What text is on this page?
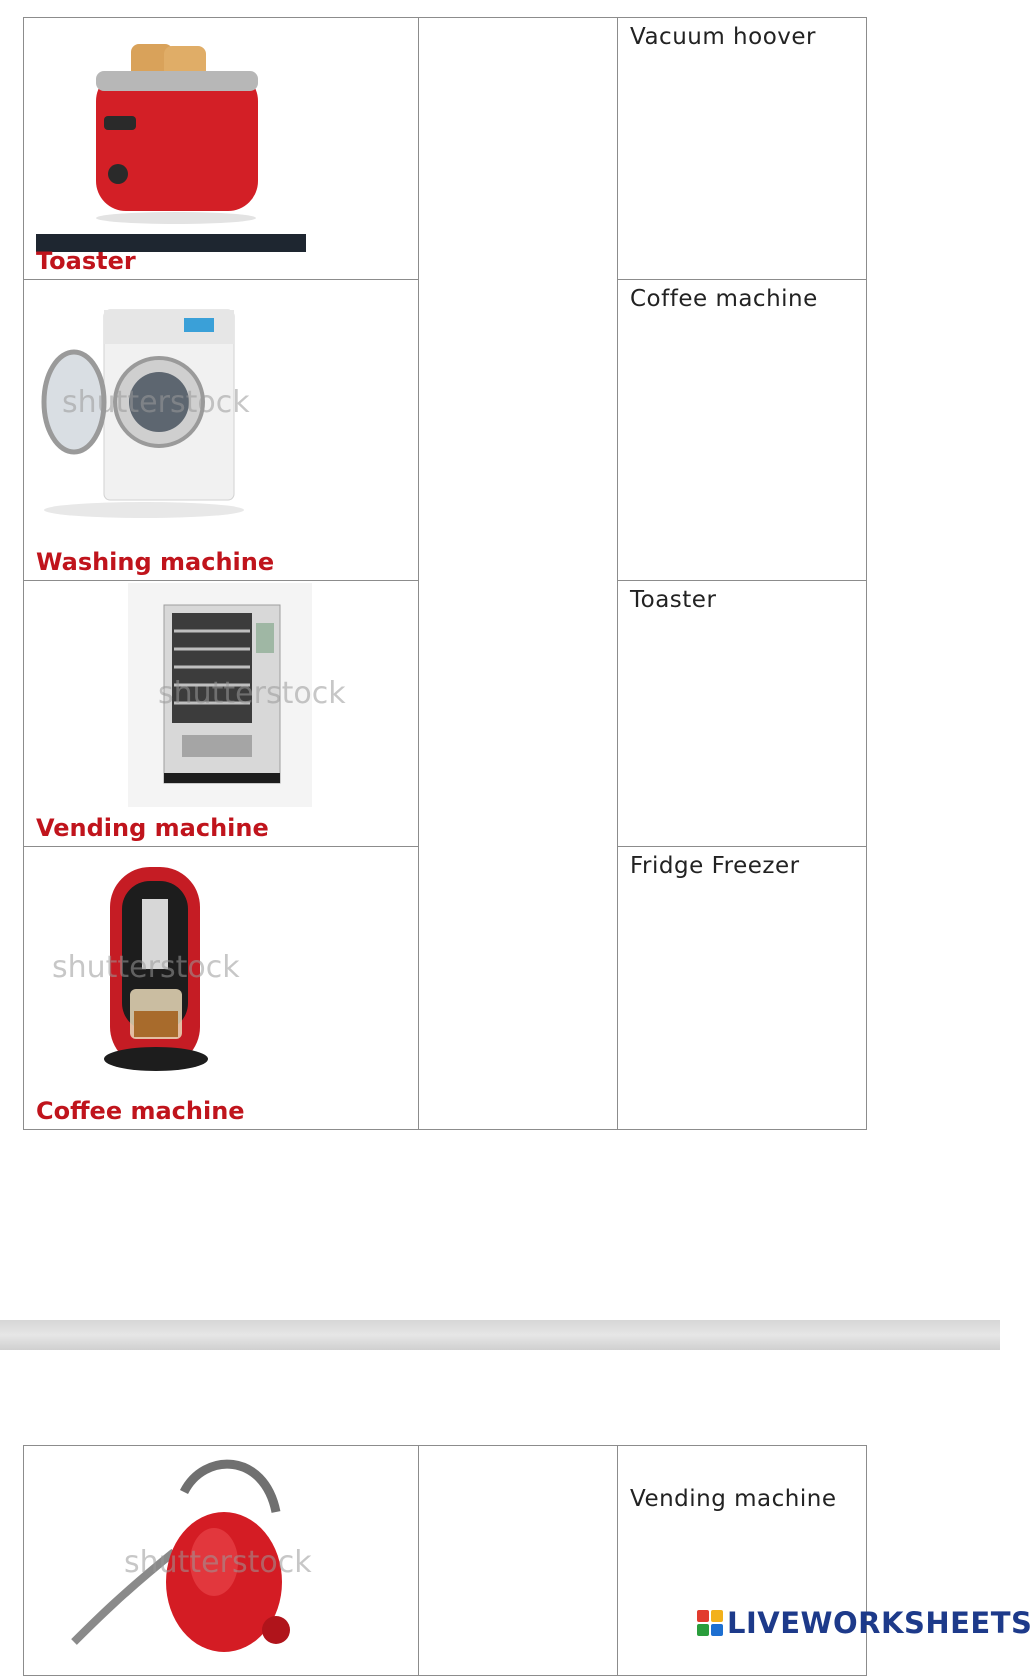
Toaster		Vacuum hoover

shutterstock
Washing machine		Coffee machine

shutterstock
Vending machine		Toaster

shutterstock
Coffee machine		Fridge Freezer
shutterstock

Vending machine
LIVEWORKSHEETS
